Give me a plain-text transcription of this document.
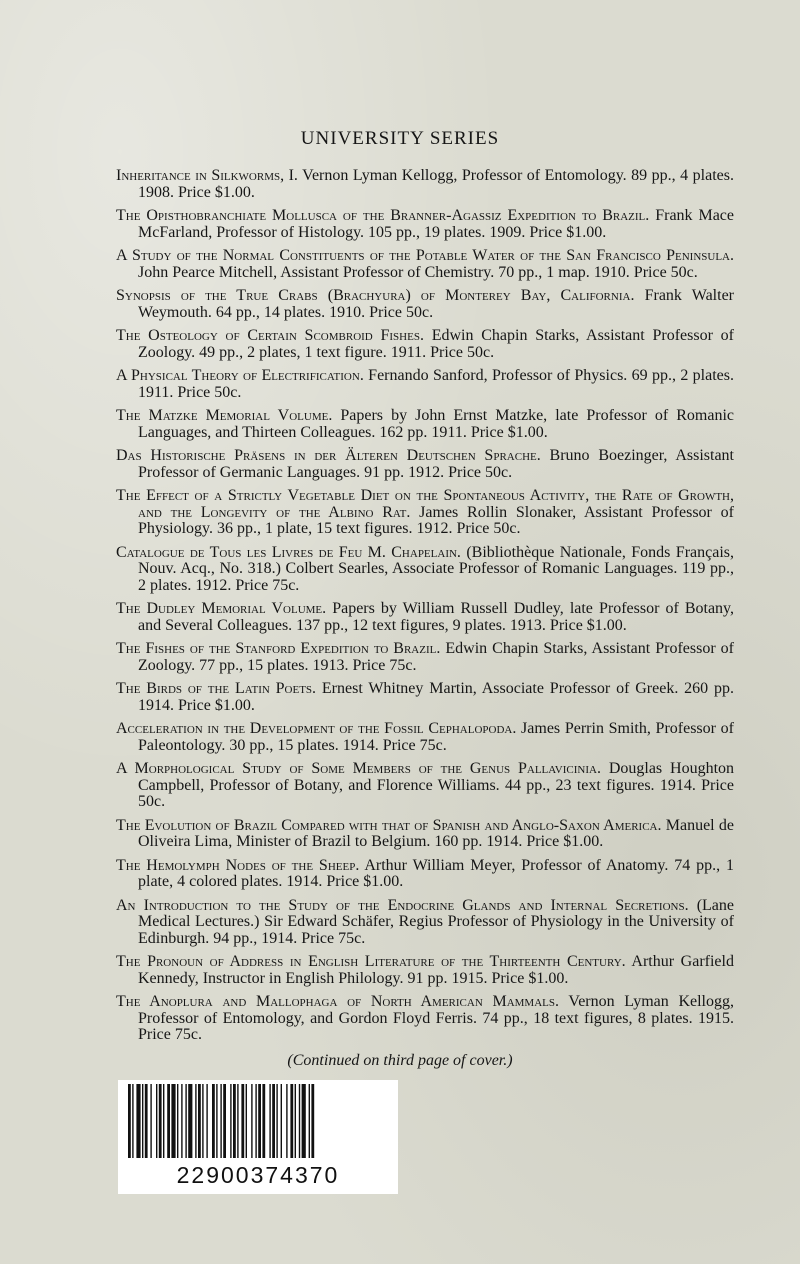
UNIVERSITY SERIES
Inheritance in Silkworms, I. Vernon Lyman Kellogg, Professor of Entomology. 89 pp., 4 plates. 1908. Price $1.00.
The Opisthobranchiate Mollusca of the Branner-Agassiz Expedition to Brazil. Frank Mace McFarland, Professor of Histology. 105 pp., 19 plates. 1909. Price $1.00.
A Study of the Normal Constituents of the Potable Water of the San Francisco Peninsula. John Pearce Mitchell, Assistant Professor of Chemistry. 70 pp., 1 map. 1910. Price 50c.
Synopsis of the True Crabs (Brachyura) of Monterey Bay, California. Frank Walter Weymouth. 64 pp., 14 plates. 1910. Price 50c.
The Osteology of Certain Scombroid Fishes. Edwin Chapin Starks, Assistant Professor of Zoology. 49 pp., 2 plates, 1 text figure. 1911. Price 50c.
A Physical Theory of Electrification. Fernando Sanford, Professor of Physics. 69 pp., 2 plates. 1911. Price 50c.
The Matzke Memorial Volume. Papers by John Ernst Matzke, late Professor of Romanic Languages, and Thirteen Colleagues. 162 pp. 1911. Price $1.00.
Das Historische Präsens in der Älteren Deutschen Sprache. Bruno Boezinger, Assistant Professor of Germanic Languages. 91 pp. 1912. Price 50c.
The Effect of a Strictly Vegetable Diet on the Spontaneous Activity, the Rate of Growth, and the Longevity of the Albino Rat. James Rollin Slonaker, Assistant Professor of Physiology. 36 pp., 1 plate, 15 text figures. 1912. Price 50c.
Catalogue de Tous les Livres de Feu M. Chapelain. (Bibliothèque Nationale, Fonds Français, Nouv. Acq., No. 318.) Colbert Searles, Associate Professor of Romanic Languages. 119 pp., 2 plates. 1912. Price 75c.
The Dudley Memorial Volume. Papers by William Russell Dudley, late Professor of Botany, and Several Colleagues. 137 pp., 12 text figures, 9 plates. 1913. Price $1.00.
The Fishes of the Stanford Expedition to Brazil. Edwin Chapin Starks, Assistant Professor of Zoology. 77 pp., 15 plates. 1913. Price 75c.
The Birds of the Latin Poets. Ernest Whitney Martin, Associate Professor of Greek. 260 pp. 1914. Price $1.00.
Acceleration in the Development of the Fossil Cephalopoda. James Perrin Smith, Professor of Paleontology. 30 pp., 15 plates. 1914. Price 75c.
A Morphological Study of Some Members of the Genus Pallavicinia. Douglas Houghton Campbell, Professor of Botany, and Florence Williams. 44 pp., 23 text figures. 1914. Price 50c.
The Evolution of Brazil Compared with that of Spanish and Anglo-Saxon America. Manuel de Oliveira Lima, Minister of Brazil to Belgium. 160 pp. 1914. Price $1.00.
The Hemolymph Nodes of the Sheep. Arthur William Meyer, Professor of Anatomy. 74 pp., 1 plate, 4 colored plates. 1914. Price $1.00.
An Introduction to the Study of the Endocrine Glands and Internal Secretions. (Lane Medical Lectures.) Sir Edward Schäfer, Regius Professor of Physiology in the University of Edinburgh. 94 pp., 1914. Price 75c.
The Pronoun of Address in English Literature of the Thirteenth Century. Arthur Garfield Kennedy, Instructor in English Philology. 91 pp. 1915. Price $1.00.
The Anoplura and Mallophaga of North American Mammals. Vernon Lyman Kellogg, Professor of Entomology, and Gordon Floyd Ferris. 74 pp., 18 text figures, 8 plates. 1915. Price 75c.

(Continued on third page of cover.)

22900374370
